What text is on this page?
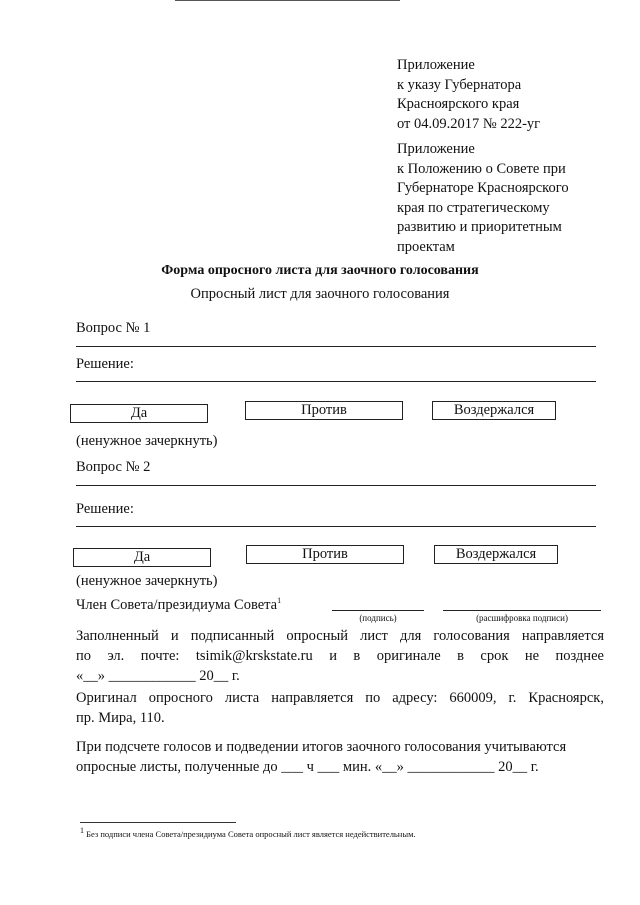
Приложение
к указу Губернатора
Красноярского края
от 04.09.2017 № 222-уг
Приложение
к Положению о Совете при
Губернаторе Красноярского
края по стратегическому
развитию и приоритетным
проектам
Форма опросного листа для заочного голосования
Опросный лист для заочного голосования
Вопрос № 1
Решение:
Да	Против	Воздержался
(ненужное зачеркнуть)
Вопрос № 2
Решение:
Да	Против	Воздержался
(ненужное зачеркнуть)
Член Совета/президиума Совета$^1$
(подпись)	(расшифровка подписи)
Заполненный и подписанный опросный лист для голосования направляется
по эл. почте: tsimik@krskstate.ru и в оригинале в срок не позднее
«__» ____________ 20__ г.
Оригинал опросного листа направляется по адресу: 660009, г. Красноярск,
пр. Мира, 110.
При подсчете голосов и подведении итогов заочного голосования учитываются
опросные листы, полученные до ___ ч ___ мин. «__» ____________ 20__ г.
$^1$ Без подписи члена Совета/президиума Совета опросный лист является недействительным.
